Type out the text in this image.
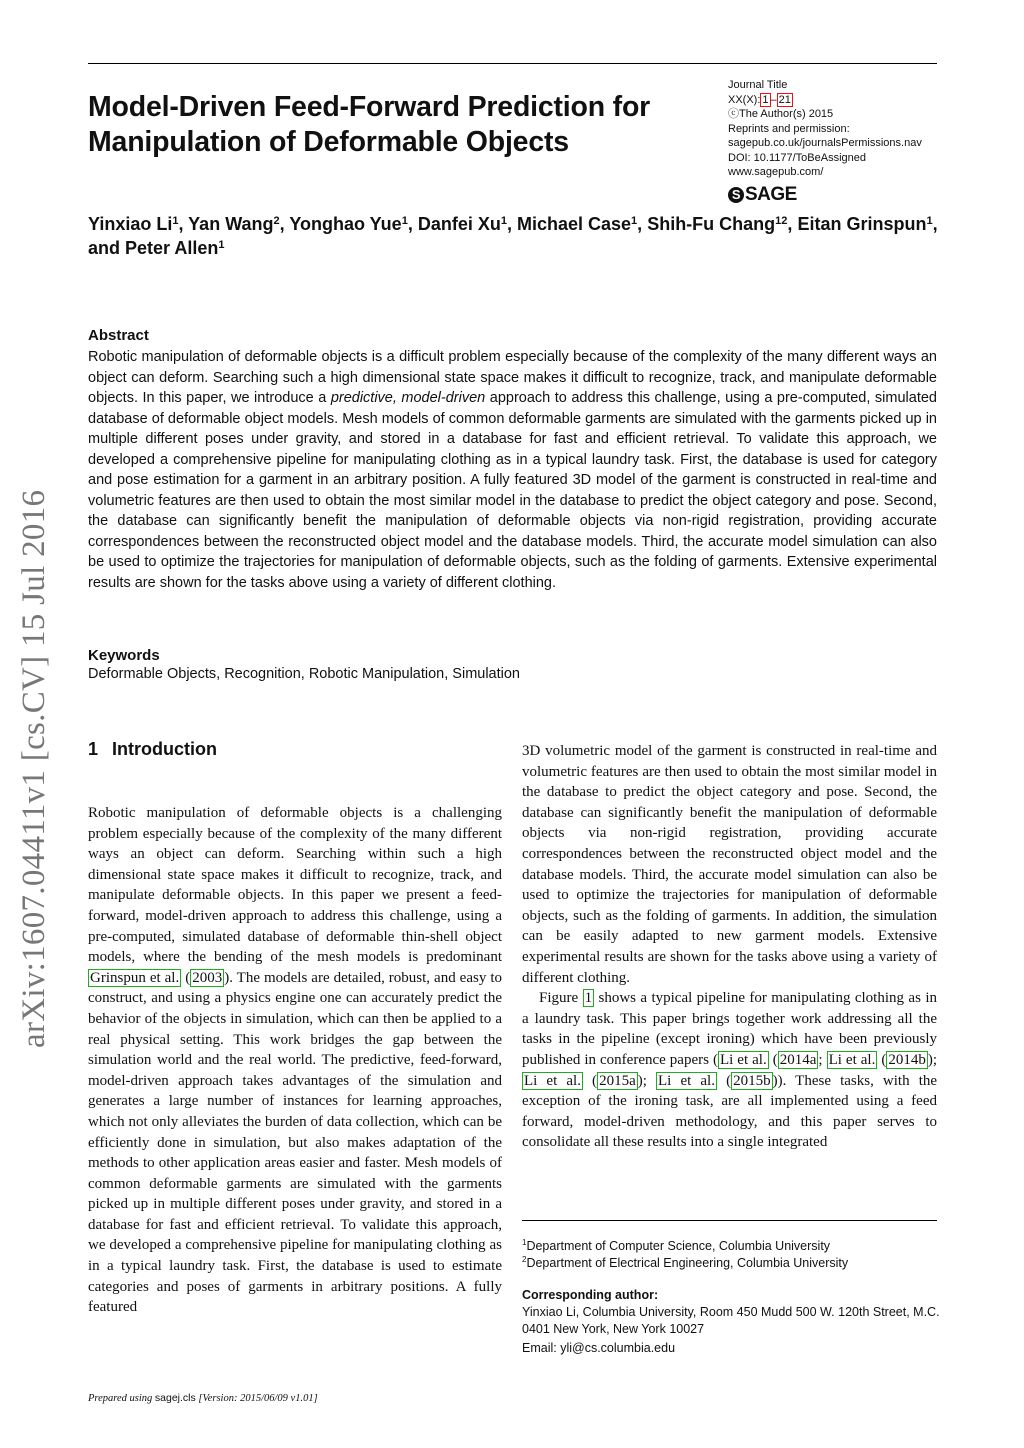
Model-Driven Feed-Forward Prediction for Manipulation of Deformable Objects
Journal Title
XX(X): 1 – 21
ⓒThe Author(s) 2015
Reprints and permission:
sagepub.co.uk/journalsPermissions.nav
DOI: 10.1177/ToBeAssigned
www.sagepub.com/
S SAGE
Yinxiao Li$^1$, Yan Wang$^2$, Yonghao Yue$^1$, Danfei Xu$^1$, Michael Case$^1$, Shih-Fu Chang$^{12}$, Eitan Grinspun$^1$, and Peter Allen$^1$
Abstract
Robotic manipulation of deformable objects is a difficult problem especially because of the complexity of the many different ways an object can deform. Searching such a high dimensional state space makes it difficult to recognize, track, and manipulate deformable objects. In this paper, we introduce a predictive, model-driven approach to address this challenge, using a pre-computed, simulated database of deformable object models. Mesh models of common deformable garments are simulated with the garments picked up in multiple different poses under gravity, and stored in a database for fast and efficient retrieval. To validate this approach, we developed a comprehensive pipeline for manipulating clothing as in a typical laundry task. First, the database is used for category and pose estimation for a garment in an arbitrary position. A fully featured 3D model of the garment is constructed in real-time and volumetric features are then used to obtain the most similar model in the database to predict the object category and pose. Second, the database can significantly benefit the manipulation of deformable objects via non-rigid registration, providing accurate correspondences between the reconstructed object model and the database models. Third, the accurate model simulation can also be used to optimize the trajectories for manipulation of deformable objects, such as the folding of garments. Extensive experimental results are shown for the tasks above using a variety of different clothing.
Keywords
Deformable Objects, Recognition, Robotic Manipulation, Simulation
1 Introduction
Robotic manipulation of deformable objects is a challenging problem especially because of the complexity of the many different ways an object can deform. Searching within such a high dimensional state space makes it difficult to recognize, track, and manipulate deformable objects. In this paper we present a feed-forward, model-driven approach to address this challenge, using a pre-computed, simulated database of deformable thin-shell object models, where the bending of the mesh models is predominant Grinspun et al. ( 2003 ). The models are detailed, robust, and easy to construct, and using a physics engine one can accurately predict the behavior of the objects in simulation, which can then be applied to a real physical setting. This work bridges the gap between the simulation world and the real world. The predictive, feed-forward, model-driven approach takes advantages of the simulation and generates a large number of instances for learning approaches, which not only alleviates the burden of data collection, which can be efficiently done in simulation, but also makes adaptation of the methods to other application areas easier and faster. Mesh models of common deformable garments are simulated with the garments picked up in multiple different poses under gravity, and stored in a database for fast and efficient retrieval. To validate this approach, we developed a comprehensive pipeline for manipulating clothing as in a typical laundry task. First, the database is used to estimate categories and poses of garments in arbitrary positions. A fully featured
3D volumetric model of the garment is constructed in real-time and volumetric features are then used to obtain the most similar model in the database to predict the object category and pose. Second, the database can significantly benefit the manipulation of deformable objects via non-rigid registration, providing accurate correspondences between the reconstructed object model and the database models. Third, the accurate model simulation can also be used to optimize the trajectories for manipulation of deformable objects, such as the folding of garments. In addition, the simulation can be easily adapted to new garment models. Extensive experimental results are shown for the tasks above using a variety of different clothing.
Figure 1 shows a typical pipeline for manipulating clothing as in a laundry task. This paper brings together work addressing all the tasks in the pipeline (except ironing) which have been previously published in conference papers ( Li et al. ( 2014a ; Li et al. ( 2014b ); Li et al. ( 2015a ); Li et al. ( 2015b )). These tasks, with the exception of the ironing task, are all implemented using a feed forward, model-driven methodology, and this paper serves to consolidate all these results into a single integrated
arXiv:1607.04411v1 [cs.CV] 15 Jul 2016
$^1$Department of Computer Science, Columbia University
$^2$Department of Electrical Engineering, Columbia University
Corresponding author:
Yinxiao Li, Columbia University, Room 450 Mudd 500 W. 120th Street, M.C. 0401 New York, New York 10027
Email: yli@cs.columbia.edu
Prepared using sagej.cls [Version: 2015/06/09 v1.01]
